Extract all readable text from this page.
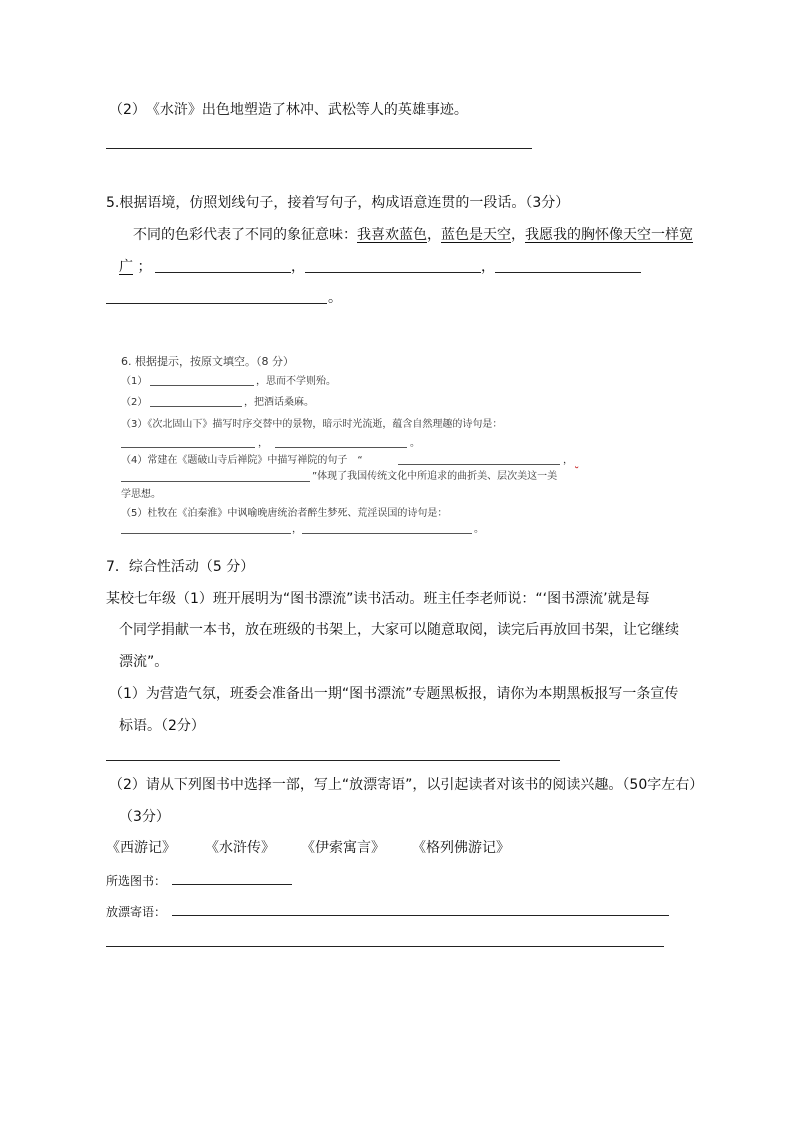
（2）　《水浒》出色地塑造了林冲、武松等人的英雄事迹。
5.根据语境，仿照划线句子，接着写句子，构成语意连贯的一段话。（3分）
不同的色彩代表了不同的象征意味：我喜欢蓝色，蓝色是天空，我愿我的胸怀像天空一样宽
广 ；	，	，
。
6. 根据提示，按原文填空。（8 分）
（1）	，思而不学则殆。
（2）	，把酒话桑麻。
（3）《次北固山下》描写时序交替中的景物，暗示时光流逝，蕴含自然理趣的诗句是：
，	。
（4）常建在《题破山寺后禅院》中描写禅院的句子　“	，

”体现了我国传统文化中所追求的曲折美、层次美这一美
学思想。
（5）杜牧在《泊秦淮》中讽喻晚唐统治者醉生梦死、荒淫误国的诗句是：
，	。
7．综合性活动（5 分）
某校七年级（1）班开展明为“图书漂流”读书活动。班主任李老师说：“‘图书漂流’就是每
个同学捐献一本书，放在班级的书架上，大家可以随意取阅，读完后再放回书架，让它继续
漂流”。
（1）为营造气氛，班委会准备出一期“图书漂流”专题黑板报，请你为本期黑板报写一条宣传
标语。（2分）
（2）请从下列图书中选择一部，写上“放漂寄语”，以引起读者对该书的阅读兴趣。（50字左右）
（3分）
《西游记》 《水浒传》 《伊索寓言》 《格列佛游记》
所选图书：
放漂寄语：
